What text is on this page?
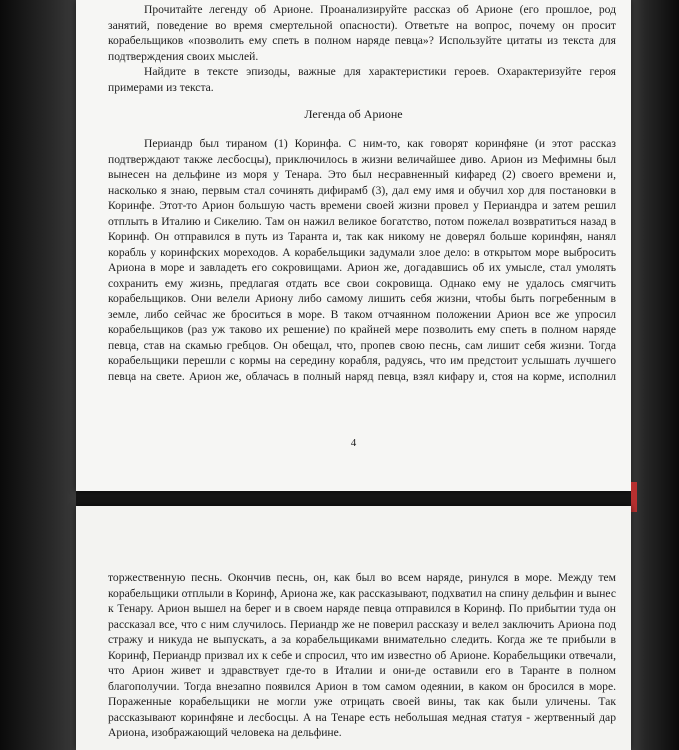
Прочитайте легенду об Арионе. Проанализируйте рассказ об Арионе (его прошлое, род занятий, поведение во время смертельной опасности). Ответьте на вопрос, почему он просит корабельщиков «позволить ему спеть в полном наряде певца»? Используйте цитаты из текста для подтверждения своих мыслей.

Найдите в тексте эпизоды, важные для характеристики героев. Охарактеризуйте героя примерами из текста.

Легенда об Арионе

Периандр был тираном (1) Коринфа. С ним-то, как говорят коринфяне (и этот рассказ подтверждают также лесбосцы), приключилось в жизни величайшее диво. Арион из Мефимны был вынесен на дельфине из моря у Тенара. Это был несравненный кифаред (2) своего времени и, насколько я знаю, первым стал сочинять дифирамб (3), дал ему имя и обучил хор для постановки в Коринфе. Этот-то Арион большую часть времени своей жизни провел у Периандра и затем решил отплыть в Италию и Сикелию. Там он нажил великое богатство, потом пожелал возвратиться назад в Коринф. Он отправился в путь из Таранта и, так как никому не доверял больше коринфян, нанял корабль у коринфских мореходов. А корабельщики задумали злое дело: в открытом море выбросить Ариона в море и завладеть его сокровищами. Арион же, догадавшись об их умысле, стал умолять сохранить ему жизнь, предлагая отдать все свои сокровища. Однако ему не удалось смягчить корабельщиков. Они велели Ариону либо самому лишить себя жизни, чтобы быть погребенным в земле, либо сейчас же броситься в море. В таком отчаянном положении Арион все же упросил корабельщиков (раз уж таково их решение) по крайней мере позволить ему спеть в полном наряде певца, став на скамью гребцов. Он обещал, что, пропев свою песнь, сам лишит себя жизни. Тогда корабельщики перешли с кормы на середину корабля, радуясь, что им предстоит услышать лучшего певца на свете. Арион же, облачась в полный наряд певца, взял кифару и, стоя на корме, исполнил

4

торжественную песнь. Окончив песнь, он, как был во всем наряде, ринулся в море. Между тем корабельщики отплыли в Коринф, Ариона же, как рассказывают, подхватил на спину дельфин и вынес к Тенару. Арион вышел на берег и в своем наряде певца отправился в Коринф. По прибытии туда он рассказал все, что с ним случилось. Периандр же не поверил рассказу и велел заключить Ариона под стражу и никуда не выпускать, а за корабельщиками внимательно следить. Когда же те прибыли в Коринф, Периандр призвал их к себе и спросил, что им известно об Арионе. Корабельщики отвечали, что Арион живет и здравствует где-то в Италии и они-де оставили его в Таранте в полном благополучии. Тогда внезапно появился Арион в том самом одеянии, в каком он бросился в море. Пораженные корабельщики не могли уже отрицать своей вины, так как были уличены. Так рассказывают коринфяне и лесбосцы. А на Тенаре есть небольшая медная статуя - жертвенный дар Ариона, изображающий человека на дельфине.
